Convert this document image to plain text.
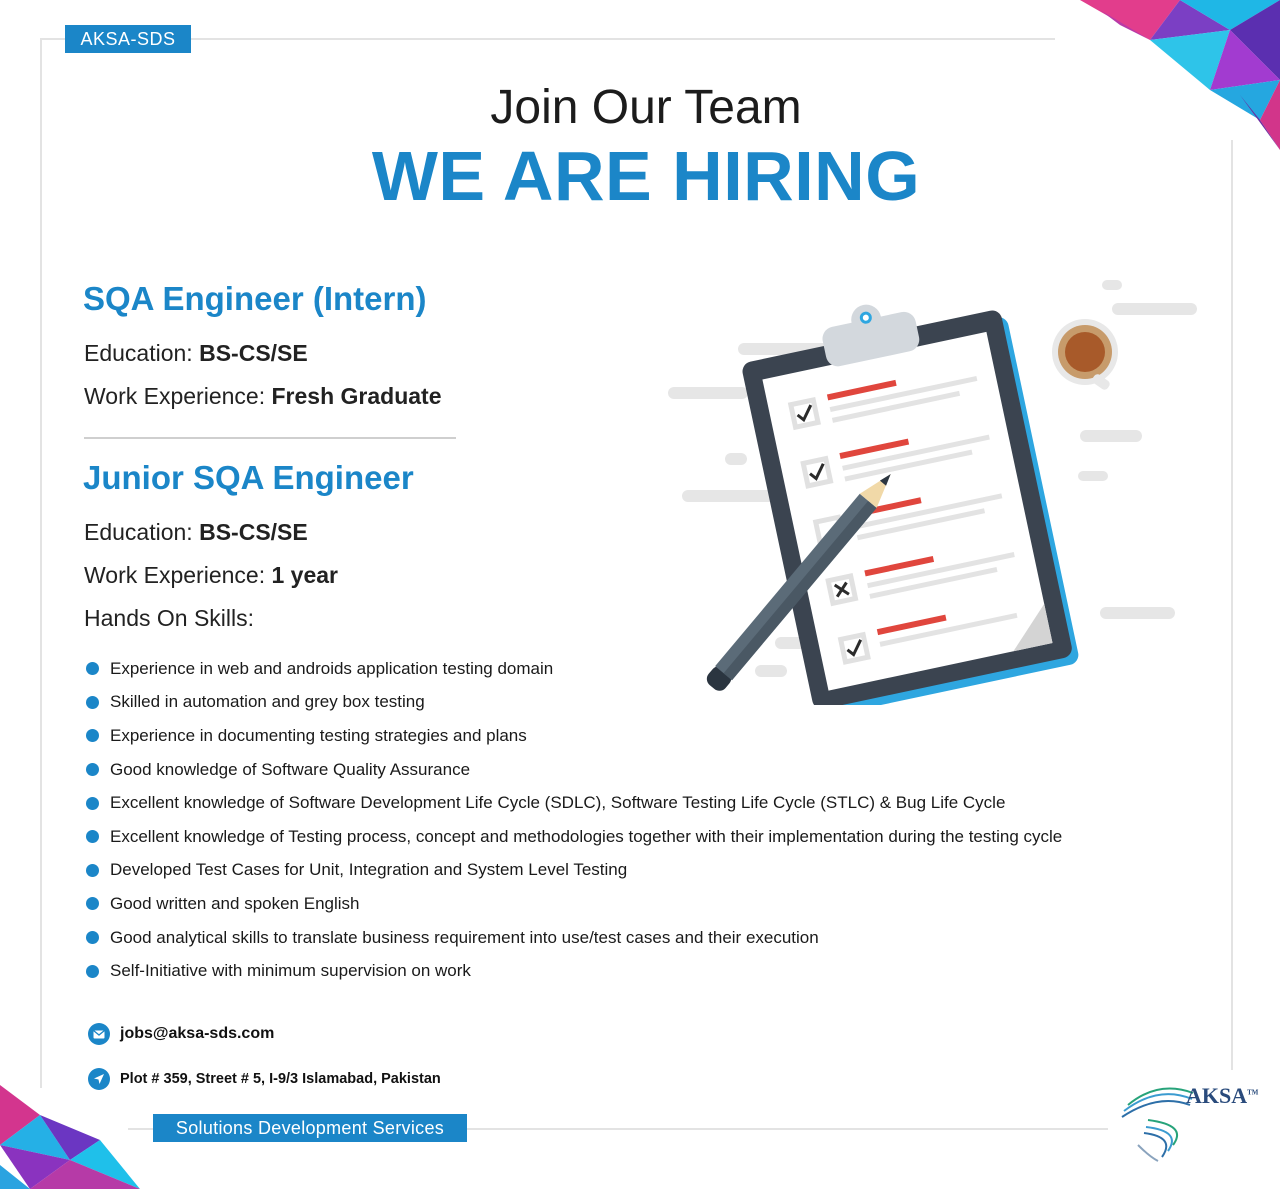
AKSA-SDS
Join Our Team
WE ARE HIRING
SQA Engineer (Intern)
Education: BS-CS/SE
Work Experience: Fresh Graduate
Junior SQA Engineer
Education: BS-CS/SE
Work Experience: 1 year
Hands On Skills:
Experience in web and androids application testing domain
Skilled in automation and grey box testing
Experience in documenting testing strategies and plans
Good knowledge of Software Quality Assurance
Excellent knowledge of Software Development Life Cycle (SDLC), Software Testing Life Cycle (STLC) & Bug Life Cycle
Excellent knowledge of Testing process, concept and methodologies together with their implementation during the testing cycle
Developed Test Cases for Unit, Integration and System Level Testing
Good written and spoken English
Good analytical skills to translate business requirement into use/test cases and their execution
Self-Initiative with minimum supervision on work
jobs@aksa-sds.com
Plot # 359, Street # 5, I-9/3 Islamabad, Pakistan
Solutions Development Services
AKSA™
